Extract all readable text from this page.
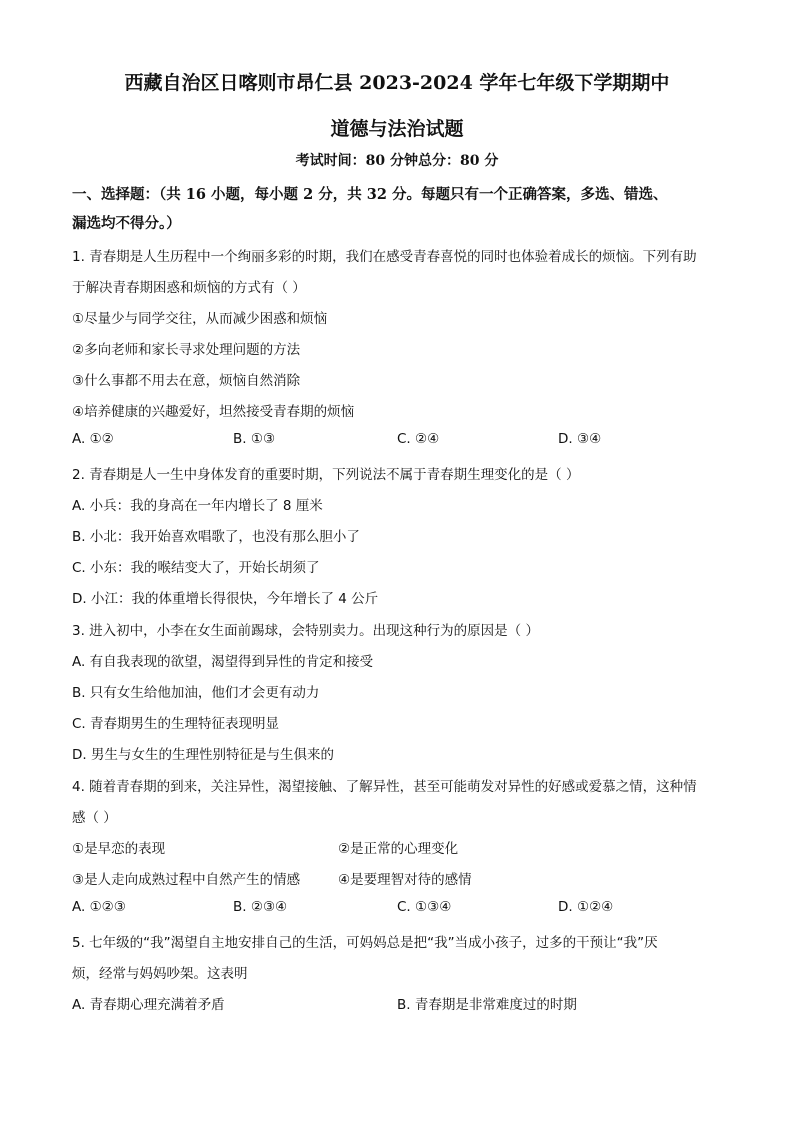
西藏自治区日喀则市昂仁县 2023-2024 学年七年级下学期期中
道德与法治试题
考试时间：80 分钟总分：80 分
一、选择题：（共 16 小题，每小题 2 分，共 32 分。每题只有一个正确答案，多选、错选、
漏选均不得分。）
1. 青春期是人生历程中一个绚丽多彩的时期，我们在感受青春喜悦的同时也体验着成长的烦恼。下列有助
于解决青春期困惑和烦恼的方式有（ ）
①尽量少与同学交往，从而减少困惑和烦恼
②多向老师和家长寻求处理问题的方法
③什么事都不用去在意，烦恼自然消除
④培养健康的兴趣爱好，坦然接受青春期的烦恼
A. ①②	B. ①③	C. ②④	D. ③④
2. 青春期是人一生中身体发育的重要时期，下列说法不属于青春期生理变化的是（ ）
A. 小兵：我的身高在一年内增长了 8 厘米
B. 小北：我开始喜欢唱歌了，也没有那么胆小了
C. 小东：我的喉结变大了，开始长胡须了
D. 小江：我的体重增长得很快，今年增长了 4 公斤
3. 进入初中，小李在女生面前踢球，会特别卖力。出现这种行为的原因是（ ）
A. 有自我表现的欲望，渴望得到异性的肯定和接受
B. 只有女生给他加油，他们才会更有动力
C. 青春期男生的生理特征表现明显
D. 男生与女生的生理性别特征是与生俱来的
4. 随着青春期的到来，关注异性，渴望接触、了解异性，甚至可能萌发对异性的好感或爱慕之情，这种情
感（ ）
①是早恋的表现	②是正常的心理变化
③是人走向成熟过程中自然产生的情感	④是要理智对待的感情
A. ①②③	B. ②③④	C. ①③④	D. ①②④
5. 七年级的“我”渴望自主地安排自己的生活，可妈妈总是把“我”当成小孩子，过多的干预让“我”厌
烦，经常与妈妈吵架。这表明
A. 青春期心理充满着矛盾	B. 青春期是非常难度过的时期
